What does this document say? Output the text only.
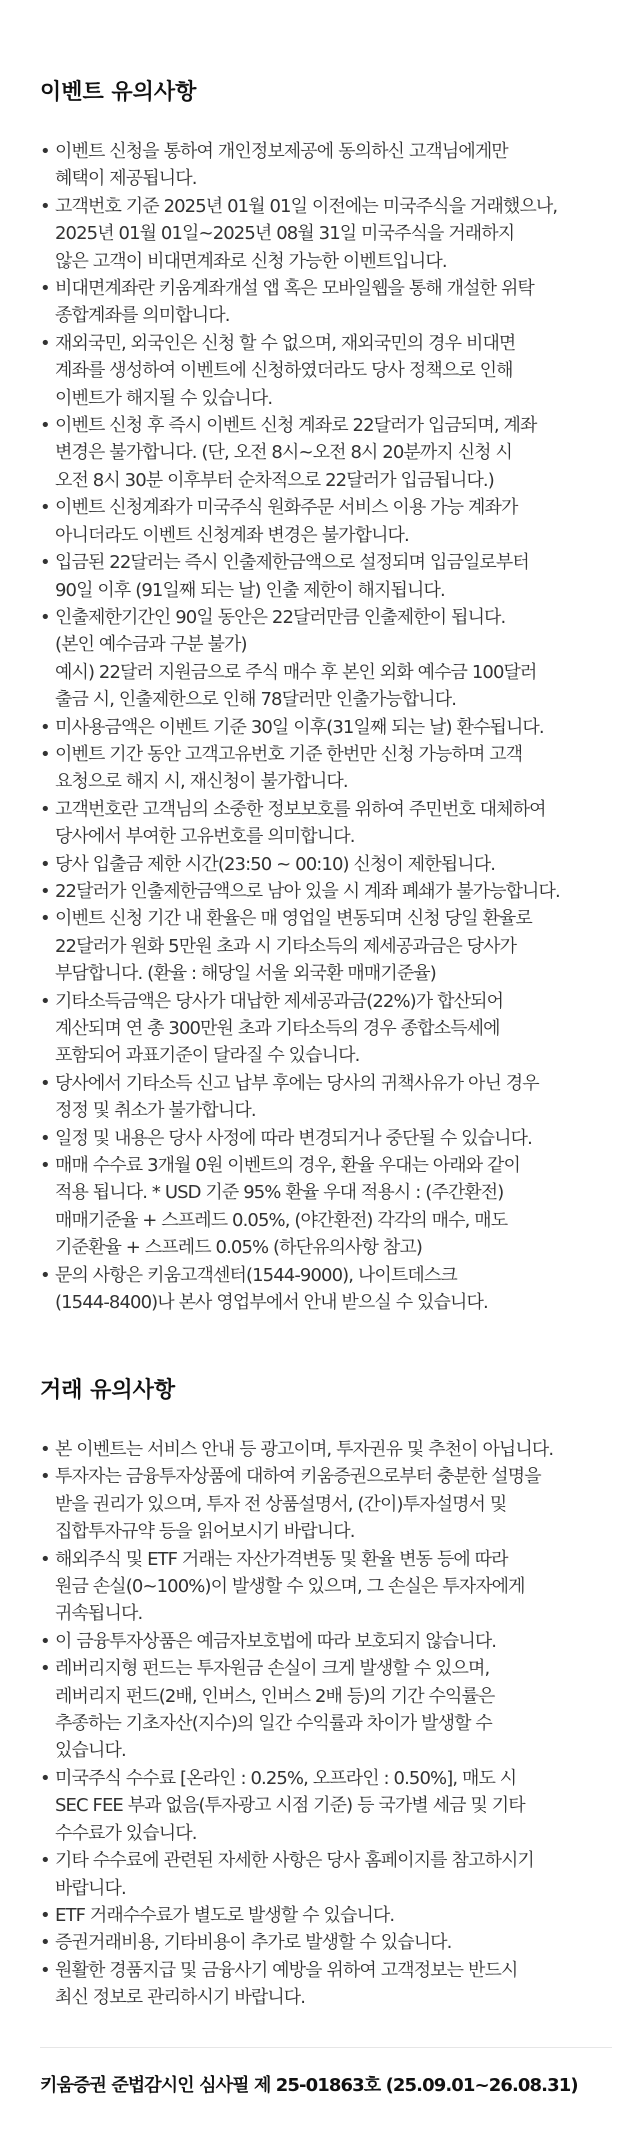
이벤트 유의사항
• 이벤트 신청을 통하여 개인정보제공에 동의하신 고객님에게만
혜택이 제공됩니다.
• 고객번호 기준 2025년 01월 01일 이전에는 미국주식을 거래했으나,
2025년 01월 01일~2025년 08월 31일 미국주식을 거래하지
않은 고객이 비대면계좌로 신청 가능한 이벤트입니다.
• 비대면계좌란 키움계좌개설 앱 혹은 모바일웹을 통해 개설한 위탁
종합계좌를 의미합니다.
• 재외국민, 외국인은 신청 할 수 없으며, 재외국민의 경우 비대면
계좌를 생성하여 이벤트에 신청하였더라도 당사 정책으로 인해
이벤트가 해지될 수 있습니다.
• 이벤트 신청 후 즉시 이벤트 신청 계좌로 22달러가 입금되며, 계좌
변경은 불가합니다. (단, 오전 8시~오전 8시 20분까지 신청 시
오전 8시 30분 이후부터 순차적으로 22달러가 입금됩니다.)
• 이벤트 신청계좌가 미국주식 원화주문 서비스 이용 가능 계좌가
아니더라도 이벤트 신청계좌 변경은 불가합니다.
• 입금된 22달러는 즉시 인출제한금액으로 설정되며 입금일로부터
90일 이후 (91일째 되는 날) 인출 제한이 해지됩니다.
• 인출제한기간인 90일 동안은 22달러만큼 인출제한이 됩니다.
(본인 예수금과 구분 불가)
예시) 22달러 지원금으로 주식 매수 후 본인 외화 예수금 100달러
출금 시, 인출제한으로 인해 78달러만 인출가능합니다.
• 미사용금액은 이벤트 기준 30일 이후(31일째 되는 날) 환수됩니다.
• 이벤트 기간 동안 고객고유번호 기준 한번만 신청 가능하며 고객
요청으로 해지 시, 재신청이 불가합니다.
• 고객번호란 고객님의 소중한 정보보호를 위하여 주민번호 대체하여
당사에서 부여한 고유번호를 의미합니다.
• 당사 입출금 제한 시간(23:50 ~ 00:10) 신청이 제한됩니다.
• 22달러가 인출제한금액으로 남아 있을 시 계좌 폐쇄가 불가능합니다.
• 이벤트 신청 기간 내 환율은 매 영업일 변동되며 신청 당일 환율로
22달러가 원화 5만원 초과 시 기타소득의 제세공과금은 당사가
부담합니다. (환율 : 해당일 서울 외국환 매매기준율)
• 기타소득금액은 당사가 대납한 제세공과금(22%)가 합산되어
계산되며 연 총 300만원 초과 기타소득의 경우 종합소득세에
포함되어 과표기준이 달라질 수 있습니다.
• 당사에서 기타소득 신고 납부 후에는 당사의 귀책사유가 아닌 경우
정정 및 취소가 불가합니다.
• 일정 및 내용은 당사 사정에 따라 변경되거나 중단될 수 있습니다.
• 매매 수수료 3개월 0원 이벤트의 경우, 환율 우대는 아래와 같이
적용 됩니다. * USD 기준 95% 환율 우대 적용시 : (주간환전)
매매기준율 + 스프레드 0.05%, (야간환전) 각각의 매수, 매도
기준환율 + 스프레드 0.05% (하단유의사항 참고)
• 문의 사항은 키움고객센터(1544-9000), 나이트데스크
(1544-8400)나 본사 영업부에서 안내 받으실 수 있습니다.
거래 유의사항
• 본 이벤트는 서비스 안내 등 광고이며, 투자권유 및 추천이 아닙니다.
• 투자자는 금융투자상품에 대하여 키움증권으로부터 충분한 설명을
받을 권리가 있으며, 투자 전 상품설명서, (간이)투자설명서 및
집합투자규약 등을 읽어보시기 바랍니다.
• 해외주식 및 ETF 거래는 자산가격변동 및 환율 변동 등에 따라
원금 손실(0~100%)이 발생할 수 있으며, 그 손실은 투자자에게
귀속됩니다.
• 이 금융투자상품은 예금자보호법에 따라 보호되지 않습니다.
• 레버리지형 펀드는 투자원금 손실이 크게 발생할 수 있으며,
레버리지 펀드(2배, 인버스, 인버스 2배 등)의 기간 수익률은
추종하는 기초자산(지수)의 일간 수익률과 차이가 발생할 수
있습니다.
• 미국주식 수수료 [온라인 : 0.25%, 오프라인 : 0.50%], 매도 시
SEC FEE 부과 없음(투자광고 시점 기준) 등 국가별 세금 및 기타
수수료가 있습니다.
• 기타 수수료에 관련된 자세한 사항은 당사 홈페이지를 참고하시기
바랍니다.
• ETF 거래수수료가 별도로 발생할 수 있습니다.
• 증권거래비용, 기타비용이 추가로 발생할 수 있습니다.
• 원활한 경품지급 및 금융사기 예방을 위하여 고객정보는 반드시
최신 정보로 관리하시기 바랍니다.
키움증권 준법감시인 심사필 제 25-01863호 (25.09.01~26.08.31)
